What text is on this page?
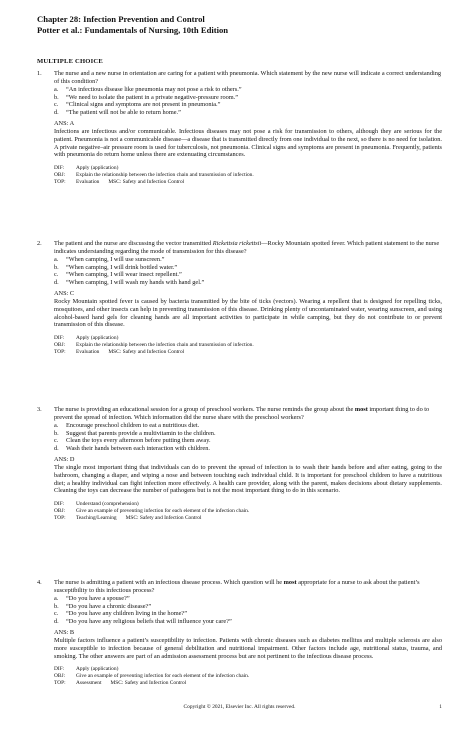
Chapter 28: Infection Prevention and Control
Potter et al.: Fundamentals of Nursing, 10th Edition
MULTIPLE CHOICE
1. The nurse and a new nurse in orientation are caring for a patient with pneumonia. Which statement by the new nurse will indicate a correct understanding of this condition?
a. “An infectious disease like pneumonia may not pose a risk to others.”
b. “We need to isolate the patient in a private negative-pressure room.”
c. “Clinical signs and symptoms are not present in pneumonia.”
d. “The patient will not be able to return home.”
ANS: A
Infections are infectious and/or communicable. Infectious diseases may not pose a risk for transmission to others, although they are serious for the patient. Pneumonia is not a communicable disease—a disease that is transmitted directly from one individual to the next, so there is no need for isolation. A private negative–air pressure room is used for tuberculosis, not pneumonia. Clinical signs and symptoms are present in pneumonia. Frequently, patients with pneumonia do return home unless there are extenuating circumstances.
DIF: Apply (application)
OBJ: Explain the relationship between the infection chain and transmission of infection.
TOP: Evaluation MSC: Safety and Infection Control
2. The patient and the nurse are discussing the vector transmitted Rickettsia rickettsii—Rocky Mountain spotted fever. Which patient statement to the nurse indicates understanding regarding the mode of transmission for this disease?
a. “When camping, I will use sunscreen.”
b. “When camping, I will drink bottled water.”
c. “When camping, I will wear insect repellent.”
d. “When camping, I will wash my hands with hand gel.”
ANS: C
Rocky Mountain spotted fever is caused by bacteria transmitted by the bite of ticks (vectors). Wearing a repellent that is designed for repelling ticks, mosquitoes, and other insects can help in preventing transmission of this disease. Drinking plenty of uncontaminated water, wearing sunscreen, and using alcohol-based hand gels for cleaning hands are all important activities to participate in while camping, but they do not contribute to or prevent transmission of this disease.
DIF: Apply (application)
OBJ: Explain the relationship between the infection chain and transmission of infection.
TOP: Evaluation MSC: Safety and Infection Control
3. The nurse is providing an educational session for a group of preschool workers. The nurse reminds the group about the most important thing to do to prevent the spread of infection. Which information did the nurse share with the preschool workers?
a. Encourage preschool children to eat a nutritious diet.
b. Suggest that parents provide a multivitamin to the children.
c. Clean the toys every afternoon before putting them away.
d. Wash their hands between each interaction with children.
ANS: D
The single most important thing that individuals can do to prevent the spread of infection is to wash their hands before and after eating, going to the bathroom, changing a diaper, and wiping a nose and between touching each individual child. It is important for preschool children to have a nutritious diet; a healthy individual can fight infection more effectively. A health care provider, along with the parent, makes decisions about dietary supplements. Cleaning the toys can decrease the number of pathogens but is not the most important thing to do in this scenario.
DIF: Understand (comprehension)
OBJ: Give an example of preventing infection for each element of the infection chain.
TOP: Teaching/Learning MSC: Safety and Infection Control
4. The nurse is admitting a patient with an infectious disease process. Which question will he most appropriate for a nurse to ask about the patient’s susceptibility to this infectious process?
a. “Do you have a spouse?”
b. “Do you have a chronic disease?”
c. “Do you have any children living in the home?”
d. “Do you have any religious beliefs that will influence your care?”
ANS: B
Multiple factors influence a patient’s susceptibility to infection. Patients with chronic diseases such as diabetes mellitus and multiple sclerosis are also more susceptible to infection because of general debilitation and nutritional impairment. Other factors include age, nutritional status, trauma, and smoking. The other answers are part of an admission assessment process but are not pertinent to the infectious disease process.
DIF: Apply (application)
OBJ: Give an example of preventing infection for each element of the infection chain.
TOP: Assessment MSC: Safety and Infection Control
Copyright © 2021, Elsevier Inc. All rights reserved.	1
